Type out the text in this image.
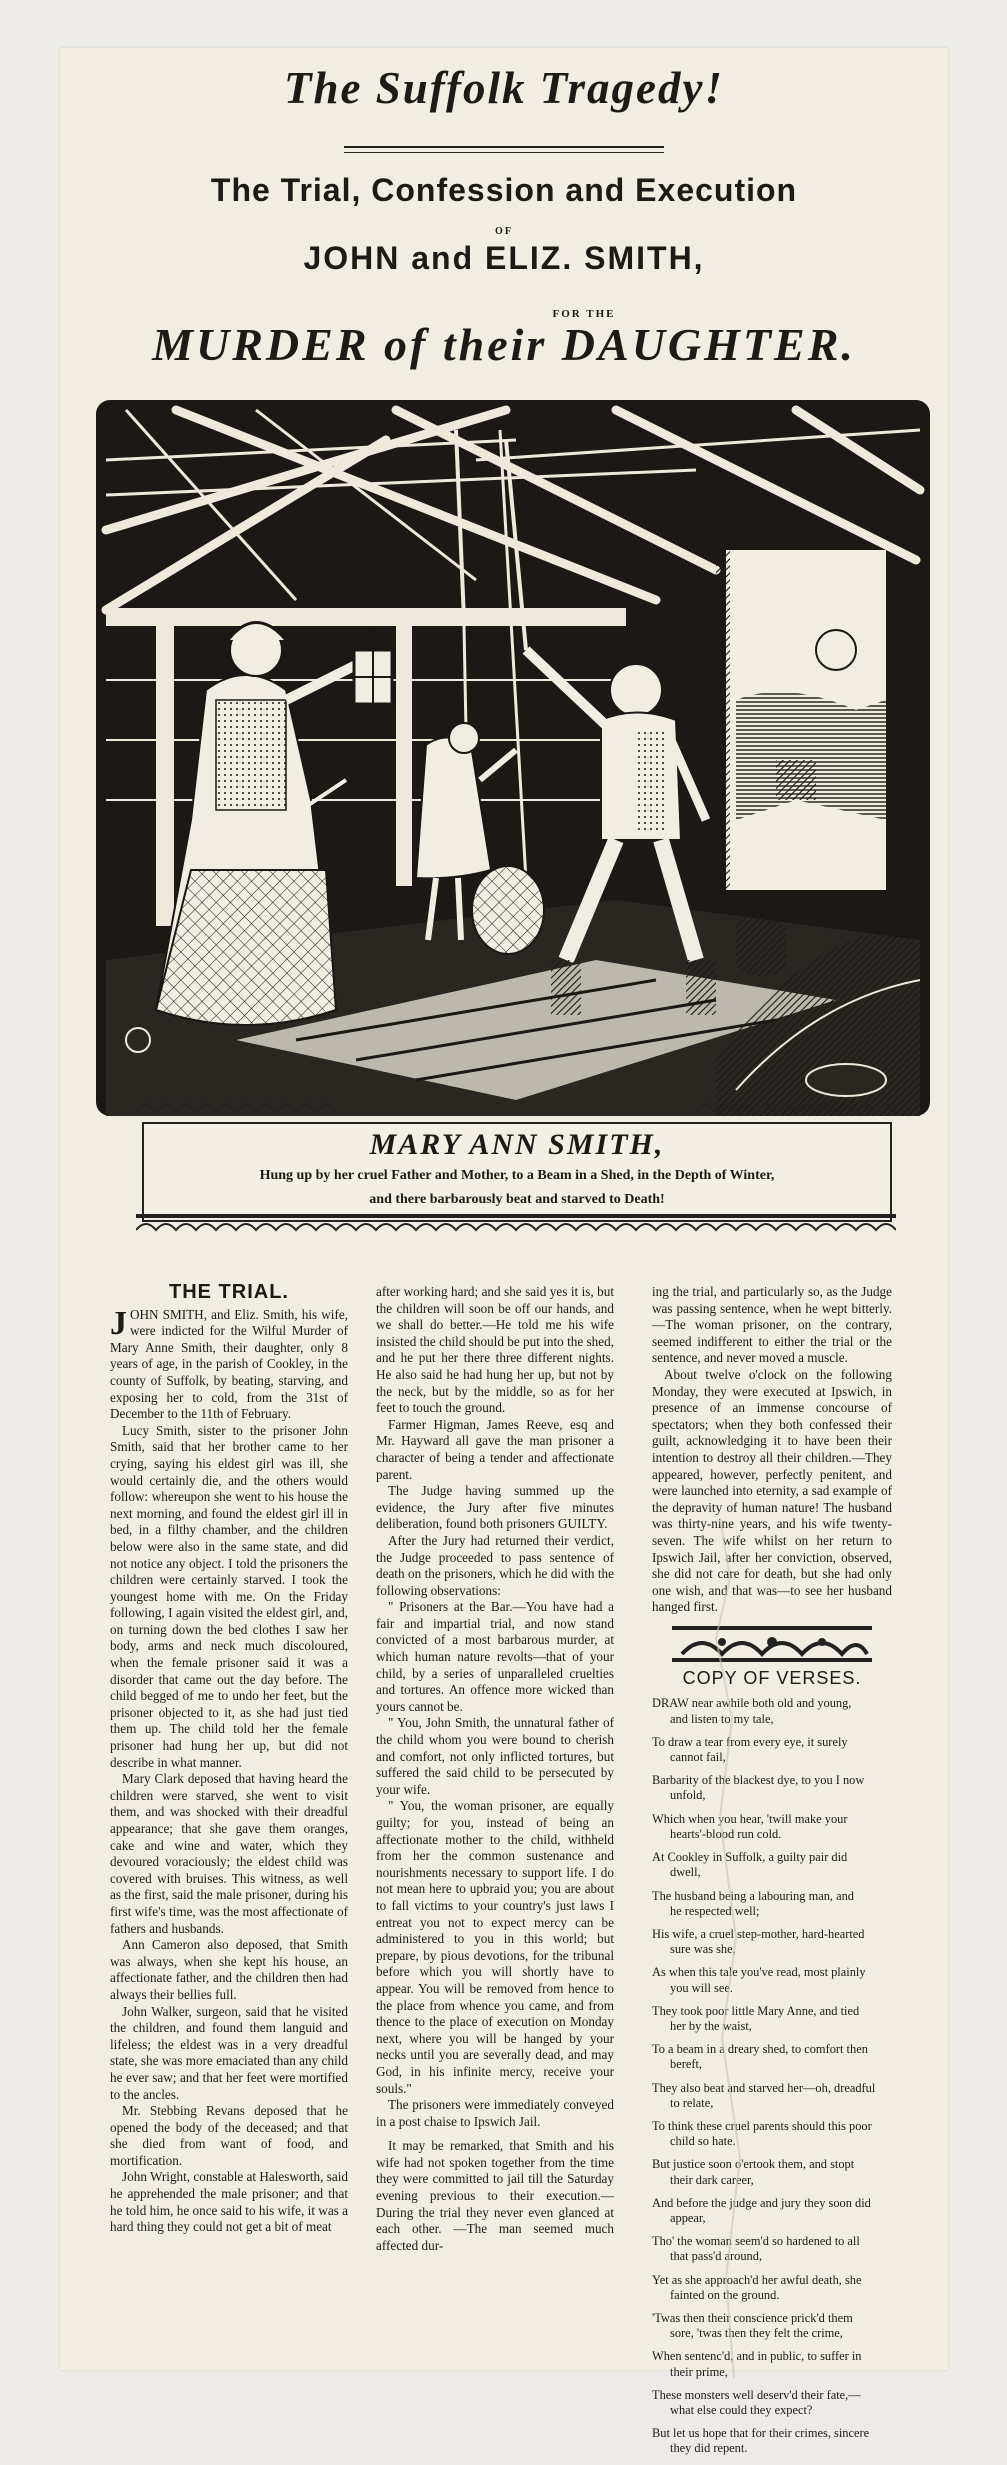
The Suffolk Tragedy!
The Trial, Confession and Execution
OF
JOHN and ELIZ. SMITH,
FOR THE
MURDER of their DAUGHTER.
MARY ANN SMITH,
Hung up by her cruel Father and Mother, to a Beam in a Shed, in the Depth of Winter,
and there barbarously beat and starved to Death!
THE TRIAL.

JOHN SMITH, and Eliz. Smith, his wife, were indicted for the Wilful Murder of Mary Anne Smith, their daughter, only 8 years of age, in the parish of Cookley, in the county of Suffolk, by beating, starving, and exposing her to cold, from the 31st of December to the 11th of February.

Lucy Smith, sister to the prisoner John Smith, said that her brother came to her crying, saying his eldest girl was ill, she would certainly die, and the others would follow: whereupon she went to his house the next morning, and found the eldest girl ill in bed, in a filthy chamber, and the children below were also in the same state, and did not notice any object. I told the prisoners the children were certainly starved. I took the youngest home with me. On the Friday following, I again visited the eldest girl, and, on turning down the bed clothes I saw her body, arms and neck much discoloured, when the female prisoner said it was a disorder that came out the day before. The child begged of me to undo her feet, but the prisoner objected to it, as she had just tied them up. The child told her the female prisoner had hung her up, but did not describe in what manner.

Mary Clark deposed that having heard the children were starved, she went to visit them, and was shocked with their dreadful appearance; that she gave them oranges, cake and wine and water, which they devoured voraciously; the eldest child was covered with bruises. This witness, as well as the first, said the male prisoner, during his first wife's time, was the most affectionate of fathers and husbands.

Ann Cameron also deposed, that Smith was always, when she kept his house, an affectionate father, and the children then had always their bellies full.

John Walker, surgeon, said that he visited the children, and found them languid and lifeless; the eldest was in a very dreadful state, she was more emaciated than any child he ever saw; and that her feet were mortified to the ancles.

Mr. Stebbing Revans deposed that he opened the body of the deceased; and that she died from want of food, and mortification.

John Wright, constable at Halesworth, said he apprehended the male prisoner; and that he told him, he once said to his wife, it was a hard thing they could not get a bit of meat

after working hard; and she said yes it is, but the children will soon be off our hands, and we shall do better.—He told me his wife insisted the child should be put into the shed, and he put her there three different nights. He also said he had hung her up, but not by the neck, but by the middle, so as for her feet to touch the ground.

Farmer Higman, James Reeve, esq and Mr. Hayward all gave the man prisoner a character of being a tender and affectionate parent.

The Judge having summed up the evidence, the Jury after five minutes deliberation, found both prisoners GUILTY.

After the Jury had returned their verdict, the Judge proceeded to pass sentence of death on the prisoners, which he did with the following observations:

" Prisoners at the Bar.—You have had a fair and impartial trial, and now stand convicted of a most barbarous murder, at which human nature revolts—that of your child, by a series of unparalleled cruelties and tortures. An offence more wicked than yours cannot be.

" You, John Smith, the unnatural father of the child whom you were bound to cherish and comfort, not only inflicted tortures, but suffered the said child to be persecuted by your wife.

" You, the woman prisoner, are equally guilty; for you, instead of being an affectionate mother to the child, withheld from her the common sustenance and nourishments necessary to support life. I do not mean here to upbraid you; you are about to fall victims to your country's just laws I entreat you not to expect mercy can be administered to you in this world; but prepare, by pious devotions, for the tribunal before which you will shortly have to appear. You will be removed from hence to the place from whence you came, and from thence to the place of execution on Monday next, where you will be hanged by your necks until you are severally dead, and may God, in his infinite mercy, receive your souls."

The prisoners were immediately conveyed in a post chaise to Ipswich Jail.

It may be remarked, that Smith and his wife had not spoken together from the time they were committed to jail till the Saturday evening previous to their execution.—During the trial they never even glanced at each other. —The man seemed much affected dur-

ing the trial, and particularly so, as the Judge was passing sentence, when he wept bitterly.—The woman prisoner, on the contrary, seemed indifferent to either the trial or the sentence, and never moved a muscle.

About twelve o'clock on the following Monday, they were executed at Ipswich, in presence of an immense concourse of spectators; when they both confessed their guilt, acknowledging it to have been their intention to destroy all their children.—They appeared, however, perfectly penitent, and were launched into eternity, a sad example of the depravity of human nature! The husband was thirty-nine years, and his wife twenty-seven. The wife whilst on her return to Ipswich Jail, after her conviction, observed, she did not care for death, but she had only one wish, and that was—to see her husband hanged first.

COPY OF VERSES.
DRAW near awhile both old and young,
and listen to my tale,
To draw a tear from every eye, it surely
cannot fail,
Barbarity of the blackest dye, to you I now
unfold,
Which when you hear, 'twill make your
hearts'-blood run cold.
At Cookley in Suffolk, a guilty pair did
dwell,
The husband being a labouring man, and
he respected well;
His wife, a cruel step-mother, hard-hearted
sure was she,
As when this tale you've read, most plainly
you will see.
They took poor little Mary Anne, and tied
her by the waist,
To a beam in a dreary shed, to comfort then
bereft,
They also beat and starved her—oh, dreadful
to relate,
To think these cruel parents should this poor
child so hate.
But justice soon o'ertook them, and stopt
their dark career,
And before the judge and jury they soon did
appear,
Tho' the woman seem'd so hardened to all
that pass'd around,
Yet as she approach'd her awful death, she
fainted on the ground.
'Twas then their conscience prick'd them
sore, 'twas then they felt the crime,
When sentenc'd, and in public, to suffer in
their prime,
These monsters well deserv'd their fate,—
what else could they expect?
But let us hope that for their crimes, sincere
they did repent.
